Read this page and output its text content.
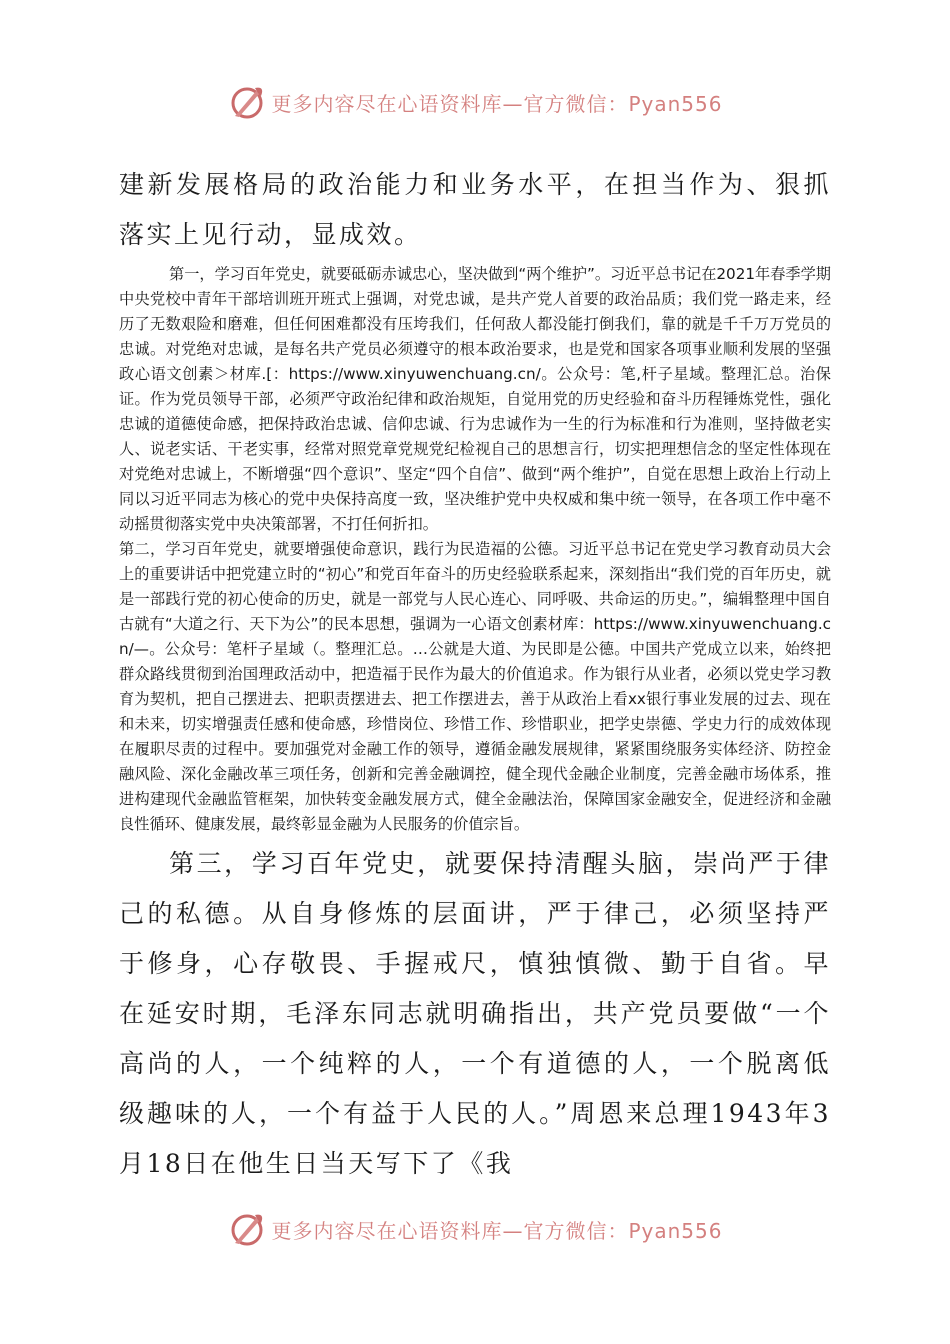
更多内容尽在心语资料库—官方微信：Pyan556

建新发展格局的政治能力和业务水平，在担当作为、狠抓落实上见行动，显成效。

第一，学习百年党史，就要砥砺赤诚忠心，坚决做到“两个维护”。习近平总书记在2021年春季学期中央党校中青年干部培训班开班式上强调，对党忠诚，是共产党人首要的政治品质；我们党一路走来，经历了无数艰险和磨难，但任何困难都没有压垮我们，任何敌人都没能打倒我们，靠的就是千千万万党员的忠诚。对党绝对忠诚，是每名共产党员必须遵守的根本政治要求，也是党和国家各项事业顺利发展的坚强政心语文创素＞材库.[：https://www.xinyuwenchuang.cn/。公众号：笔,杆子星域。整理汇总。治保证。作为党员领导干部，必须严守政治纪律和政治规矩，自觉用党的历史经验和奋斗历程锤炼党性，强化忠诚的道德使命感，把保持政治忠诚、信仰忠诚、行为忠诚作为一生的行为标准和行为准则，坚持做老实人、说老实话、干老实事，经常对照党章党规党纪检视自己的思想言行，切实把理想信念的坚定性体现在对党绝对忠诚上，不断增强“四个意识”、坚定“四个自信”、做到“两个维护”，自觉在思想上政治上行动上同以习近平同志为核心的党中央保持高度一致，坚决维护党中央权威和集中统一领导，在各项工作中毫不动摇贯彻落实党中央决策部署，不打任何折扣。

第二，学习百年党史，就要增强使命意识，践行为民造福的公德。习近平总书记在党史学习教育动员大会上的重要讲话中把党建立时的“初心”和党百年奋斗的历史经验联系起来，深刻指出“我们党的百年历史，就是一部践行党的初心使命的历史，就是一部党与人民心连心、同呼吸、共命运的历史。”，编辑整理中国自古就有“大道之行、天下为公”的民本思想，强调为一心语文创素材库：https://www.xinyuwenchuang.cn/—。公众号：笔杆子星域（。整理汇总。…公就是大道、为民即是公德。中国共产党成立以来，始终把群众路线贯彻到治国理政活动中，把造福于民作为最大的价值追求。作为银行从业者，必须以党史学习教育为契机，把自己摆进去、把职责摆进去、把工作摆进去，善于从政治上看xx银行事业发展的过去、现在和未来，切实增强责任感和使命感，珍惜岗位、珍惜工作、珍惜职业，把学史崇德、学史力行的成效体现在履职尽责的过程中。要加强党对金融工作的领导，遵循金融发展规律，紧紧围绕服务实体经济、防控金融风险、深化金融改革三项任务，创新和完善金融调控，健全现代金融企业制度，完善金融市场体系，推进构建现代金融监管框架，加快转变金融发展方式，健全金融法治，保障国家金融安全，促进经济和金融良性循环、健康发展，最终彰显金融为人民服务的价值宗旨。

第三，学习百年党史，就要保持清醒头脑，崇尚严于律己的私德。从自身修炼的层面讲，严于律己，必须坚持严于修身，心存敬畏、手握戒尺，慎独慎微、勤于自省。早在延安时期，毛泽东同志就明确指出，共产党员要做“一个高尚的人，一个纯粹的人，一个有道德的人，一个脱离低级趣味的人，一个有益于人民的人。”周恩来总理1943年3月18日在他生日当天写下了《我

更多内容尽在心语资料库—官方微信：Pyan556
